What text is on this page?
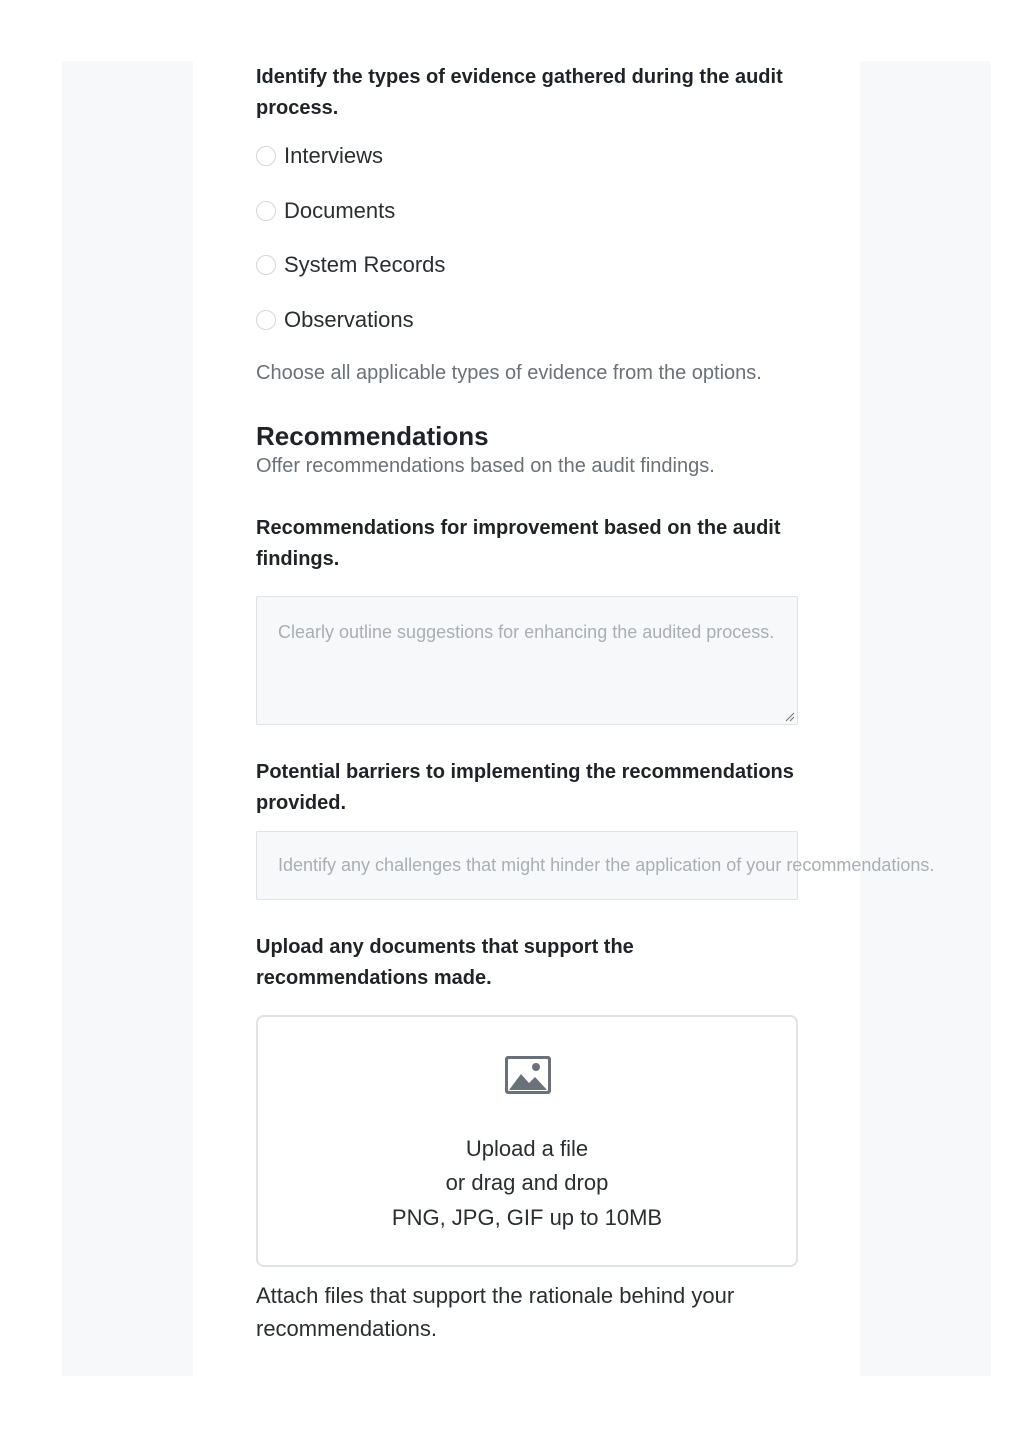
Identify the types of evidence gathered during the audit process.

Interviews
Documents
System Records
Observations

Choose all applicable types of evidence from the options.

Recommendations

Offer recommendations based on the audit findings.

Recommendations for improvement based on the audit findings.

Clearly outline suggestions for enhancing the audited process.

Potential barriers to implementing the recommendations provided.

Identify any challenges that might hinder the application of your recommendations.

Upload any documents that support the recommendations made.

Upload a file
or drag and drop
PNG, JPG, GIF up to 10MB

Attach files that support the rationale behind your recommendations.
